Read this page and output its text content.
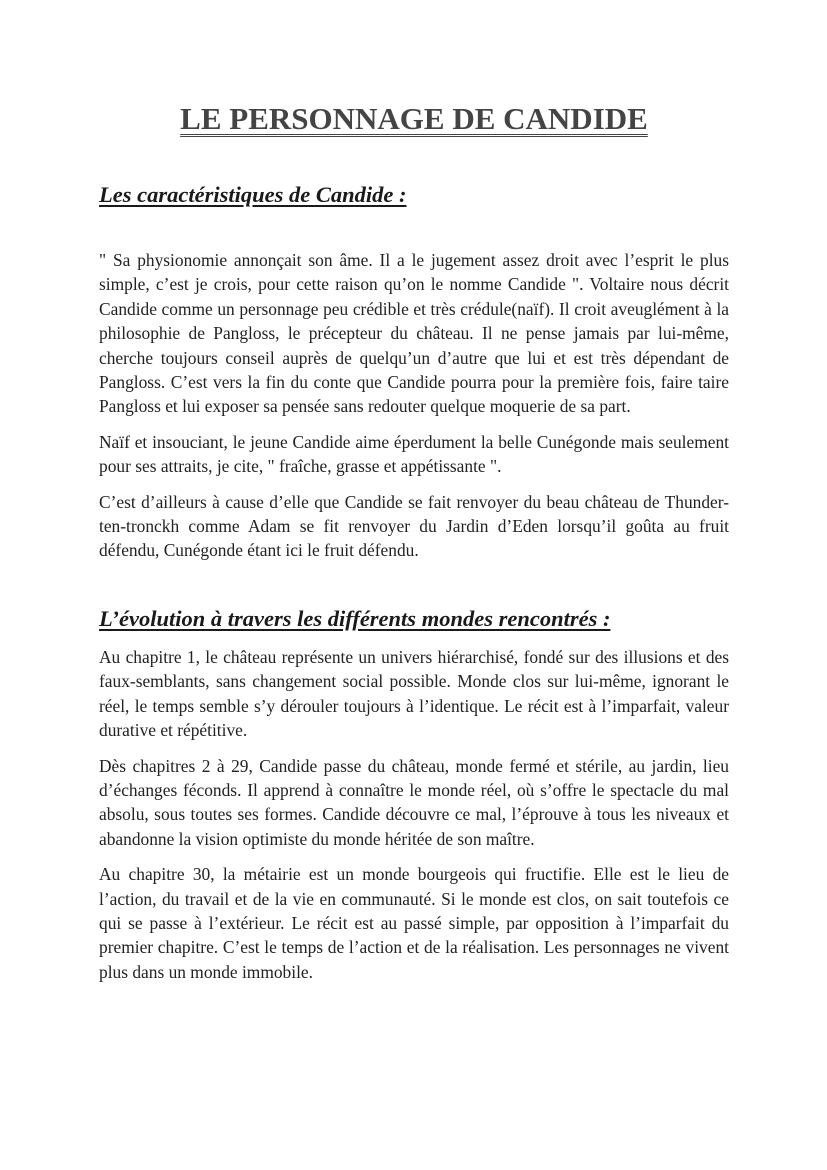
LE PERSONNAGE DE CANDIDE
Les caractéristiques de Candide :

" Sa physionomie annonçait son âme. Il a le jugement assez droit avec l’esprit le plus simple, c’est je crois, pour cette raison qu’on le nomme Candide ". Voltaire nous décrit Candide comme un personnage peu crédible et très crédule(naïf). Il croit aveuglément à la philosophie de Pangloss, le précepteur du château. Il ne pense jamais par lui-même, cherche toujours conseil auprès de quelqu’un d’autre que lui et est très dépendant de Pangloss. C’est vers la fin du conte que Candide pourra pour la première fois, faire taire Pangloss et lui exposer sa pensée sans redouter quelque moquerie de sa part.

Naïf et insouciant, le jeune Candide aime éperdument la belle Cunégonde mais seulement pour ses attraits, je cite, " fraîche, grasse et appétissante ".

C’est d’ailleurs à cause d’elle que Candide se fait renvoyer du beau château de Thunder-ten-tronckh comme Adam se fit renvoyer du Jardin d’Eden lorsqu’il goûta au fruit défendu, Cunégonde étant ici le fruit défendu.

L’évolution à travers les différents mondes rencontrés :

Au chapitre 1, le château représente un univers hiérarchisé, fondé sur des illusions et des faux-semblants, sans changement social possible. Monde clos sur lui-même, ignorant le réel, le temps semble s’y dérouler toujours à l’identique. Le récit est à l’imparfait, valeur durative et répétitive.

Dès chapitres 2 à 29, Candide passe du château, monde fermé et stérile, au jardin, lieu d’échanges féconds. Il apprend à connaître le monde réel, où s’offre le spectacle du mal absolu, sous toutes ses formes. Candide découvre ce mal, l’éprouve à tous les niveaux et abandonne la vision optimiste du monde héritée de son maître.

Au chapitre 30, la métairie est un monde bourgeois qui fructifie. Elle est le lieu de l’action, du travail et de la vie en communauté. Si le monde est clos, on sait toutefois ce qui se passe à l’extérieur. Le récit est au passé simple, par opposition à l’imparfait du premier chapitre. C’est le temps de l’action et de la réalisation. Les personnages ne vivent plus dans un monde immobile.
